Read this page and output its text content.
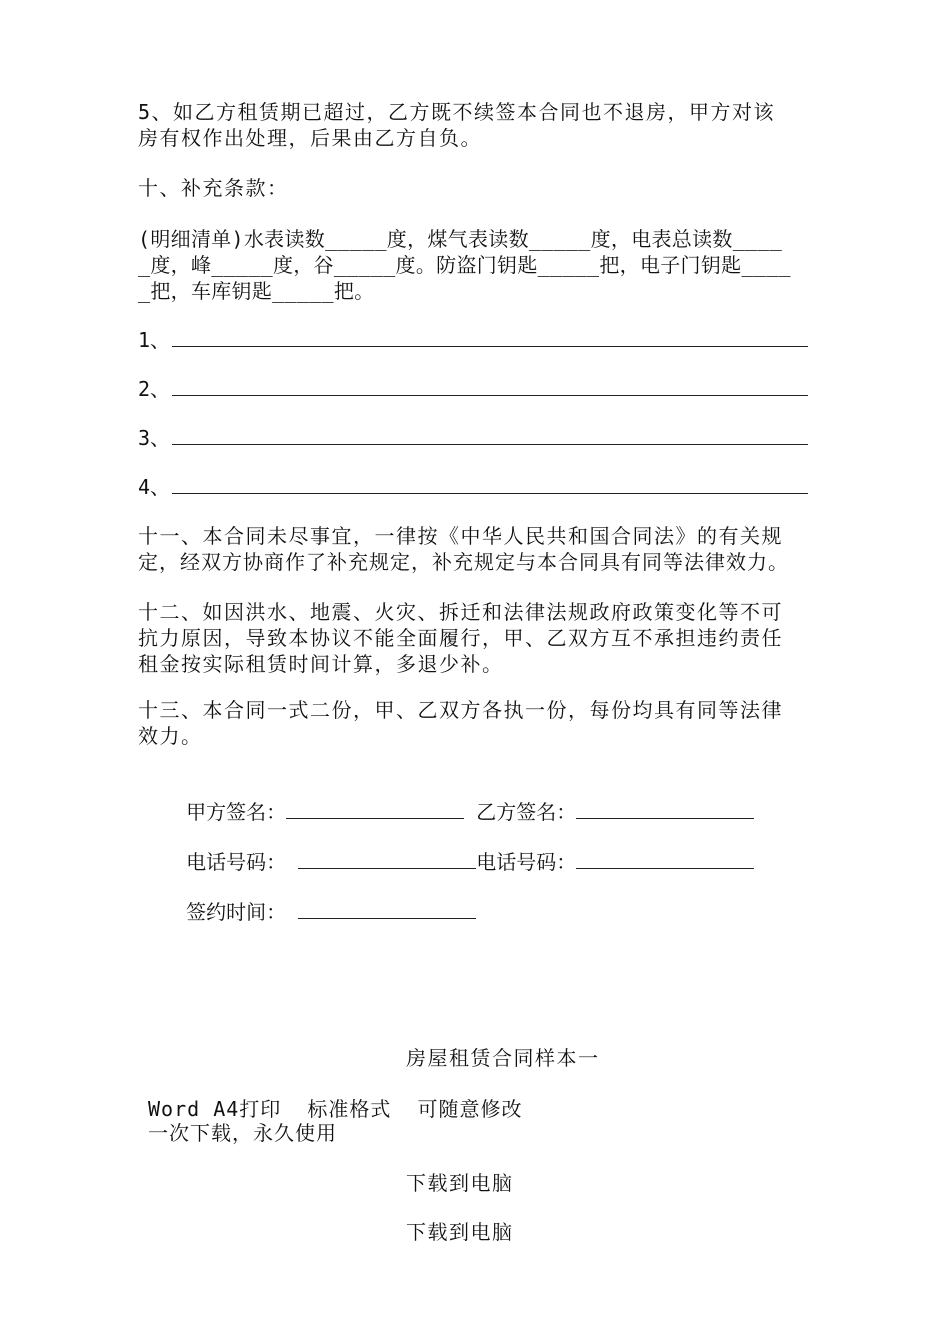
5、如乙方租赁期已超过，乙方既不续签本合同也不退房，甲方对该
房有权作出处理，后果由乙方自负。
十、补充条款：
(明细清单)水表读数_____度，煤气表读数_____度，电表总读数____
_度，峰_____度，谷_____度。防盗门钥匙_____把，电子门钥匙____
_把，车库钥匙_____把。
1、
2、
3、
4、
十一、本合同未尽事宜，一律按《中华人民共和国合同法》的有关规
定，经双方协商作了补充规定，补充规定与本合同具有同等法律效力。
十二、如因洪水、地震、火灾、拆迁和法律法规政府政策变化等不可
抗力原因，导致本协议不能全面履行，甲、乙双方互不承担违约责任
租金按实际租赁时间计算，多退少补。
十三、本合同一式二份，甲、乙双方各执一份，每份均具有同等法律
效力。

甲方签名：	乙方签名：

电话号码：	电话号码：

签约时间：

房屋租赁合同样本一
Word A4打印  标准格式  可随意修改
一次下载，永久使用
下载到电脑
下载到电脑
